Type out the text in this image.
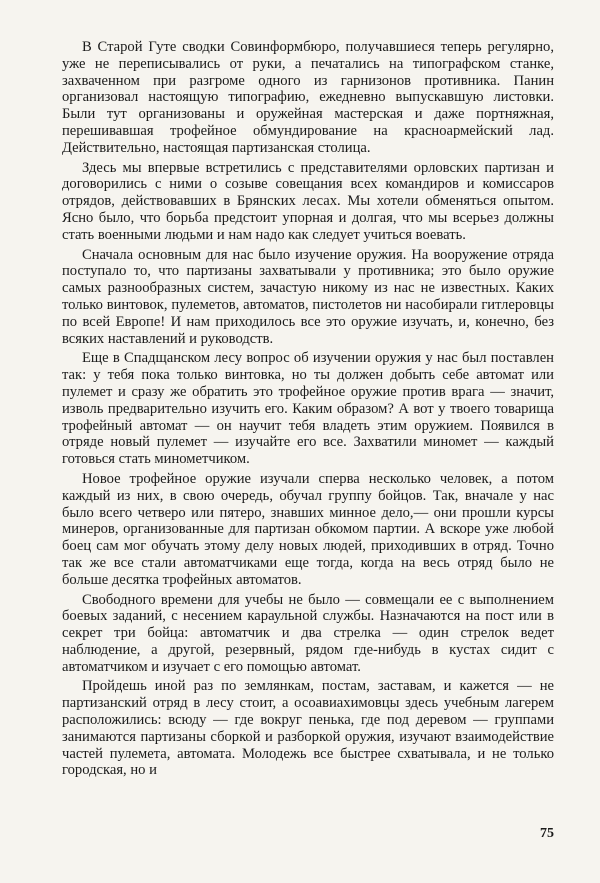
В Старой Гуте сводки Совинформбюро, получавшиеся теперь регулярно, уже не переписывались от руки, а печатались на типографском станке, захваченном при разгроме одного из гарнизонов противника. Панин организовал настоящую типографию, ежедневно выпускавшую листовки. Были тут организованы и оружейная мастерская и даже портняжная, перешивавшая трофейное обмундирование на красноармейский лад. Действительно, настоящая партизанская столица.

Здесь мы впервые встретились с представителями орловских партизан и договорились с ними о созыве совещания всех командиров и комиссаров отрядов, действовавших в Брянских лесах. Мы хотели обменяться опытом. Ясно было, что борьба предстоит упорная и долгая, что мы всерьез должны стать военными людьми и нам надо как следует учиться воевать.

Сначала основным для нас было изучение оружия. На вооружение отряда поступало то, что партизаны захватывали у противника; это было оружие самых разнообразных систем, зачастую никому из нас не известных. Каких только винтовок, пулеметов, автоматов, пистолетов ни насобирали гитлеровцы по всей Европе! И нам приходилось все это оружие изучать, и, конечно, без всяких наставлений и руководств.

Еще в Спадщанском лесу вопрос об изучении оружия у нас был поставлен так: у тебя пока только винтовка, но ты должен добыть себе автомат или пулемет и сразу же обратить это трофейное оружие против врага — значит, изволь предварительно изучить его. Каким образом? А вот у твоего товарища трофейный автомат — он научит тебя владеть этим оружием. Появился в отряде новый пулемет — изучайте его все. Захватили миномет — каждый готовься стать минометчиком.

Новое трофейное оружие изучали сперва несколько человек, а потом каждый из них, в свою очередь, обучал группу бойцов. Так, вначале у нас было всего четверо или пятеро, знавших минное дело,— они прошли курсы минеров, организованные для партизан обкомом партии. А вскоре уже любой боец сам мог обучать этому делу новых людей, приходивших в отряд. Точно так же все стали автоматчиками еще тогда, когда на весь отряд было не больше десятка трофейных автоматов.

Свободного времени для учебы не было — совмещали ее с выполнением боевых заданий, с несением караульной службы. Назначаются на пост или в секрет три бойца: автоматчик и два стрелка — один стрелок ведет наблюдение, а другой, резервный, рядом где-нибудь в кустах сидит с автоматчиком и изучает с его помощью автомат.

Пройдешь иной раз по землянкам, постам, заставам, и кажется — не партизанский отряд в лесу стоит, а осоавиахимовцы здесь учебным лагерем расположились: всюду — где вокруг пенька, где под деревом — группами занимаются партизаны сборкой и разборкой оружия, изучают взаимодействие частей пулемета, автомата. Молодежь все быстрее схватывала, и не только городская, но и

75
